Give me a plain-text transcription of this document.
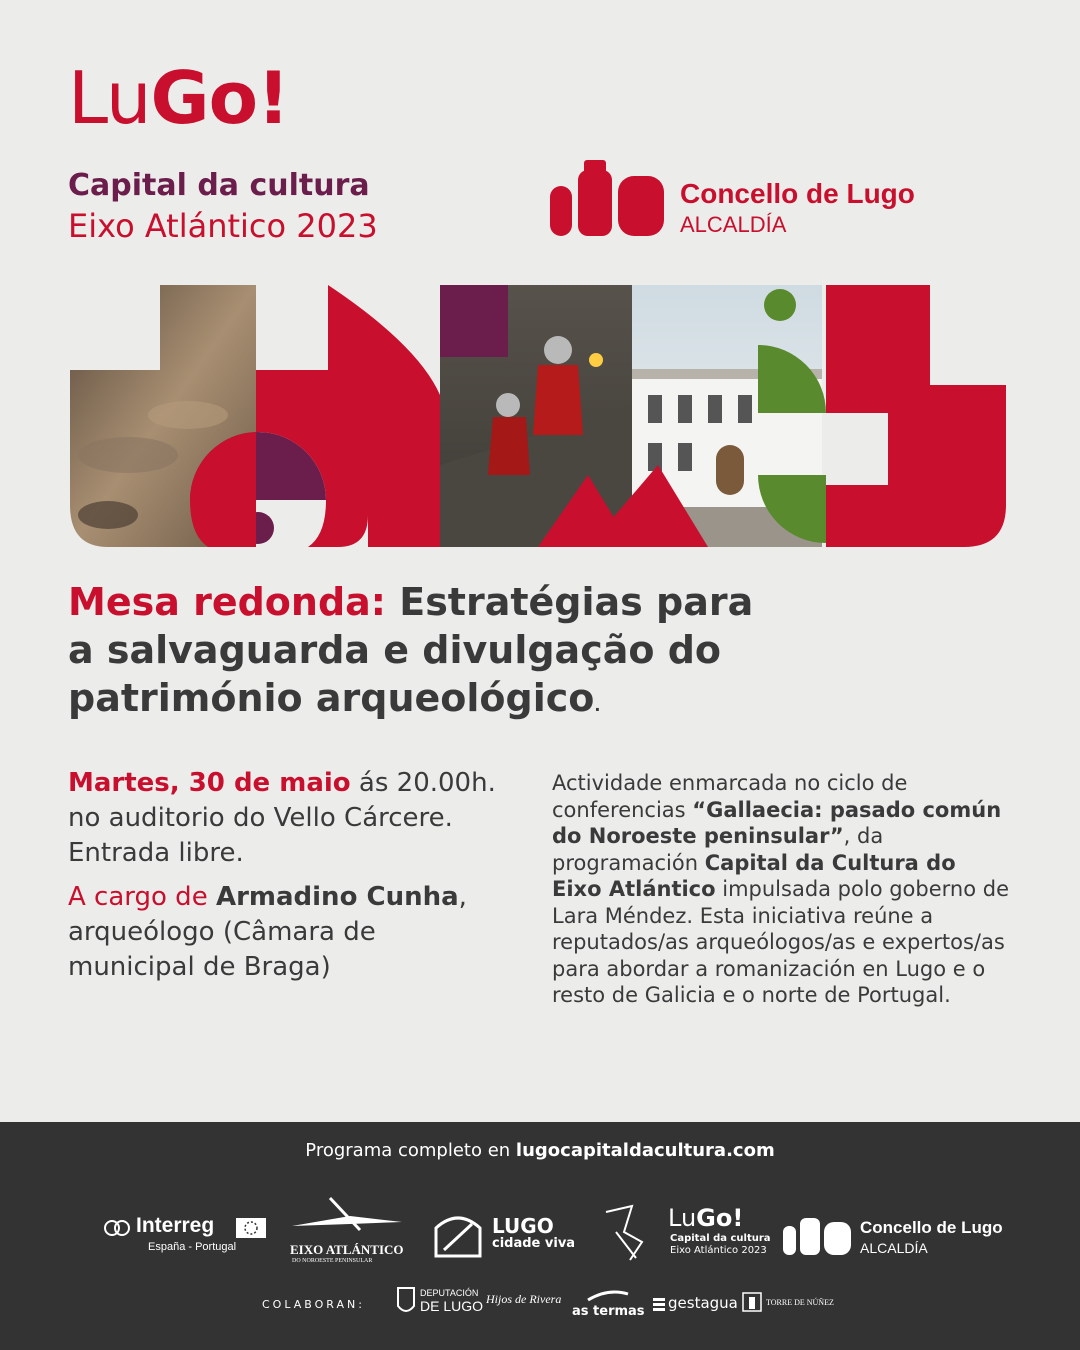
LuGo!
Capital da cultura
Eixo Atlántico 2023
Concello de Lugo
ALCALDÍA
Mesa redonda: Estratégias para
a salvaguarda e divulgação do
património arqueológico.
Martes, 30 de maio ás 20.00h. no auditorio do Vello Cárcere. Entrada libre.
A cargo de Armadino Cunha, arqueólogo (Câmara de municipal de Braga)
Actividade enmarcada no ciclo de conferencias “Gallaecia: pasado común do Noroeste peninsular”, da programación Capital da Cultura do Eixo Atlántico impulsada polo goberno de Lara Méndez. Esta iniciativa reúne a reputados/as arqueólogos/as e expertos/as para abordar a romanización en Lugo e o resto de Galicia e o norte de Portugal.
Programa completo en lugocapitaldacultura.com
Interreg
España - Portugal	EIXO ATLÁNTICO
DO NOROESTE PENINSULAR
LUGO
cidade viva
LuGo!
Capital da cultura
Eixo Atlántico 2023
Concello de Lugo
ALCALDÍA
COLABORAN:
DEPUTACIÓN
DE LUGO Hijos de Rivera
as termas gestagua	TORRE DE NÚÑEZ
